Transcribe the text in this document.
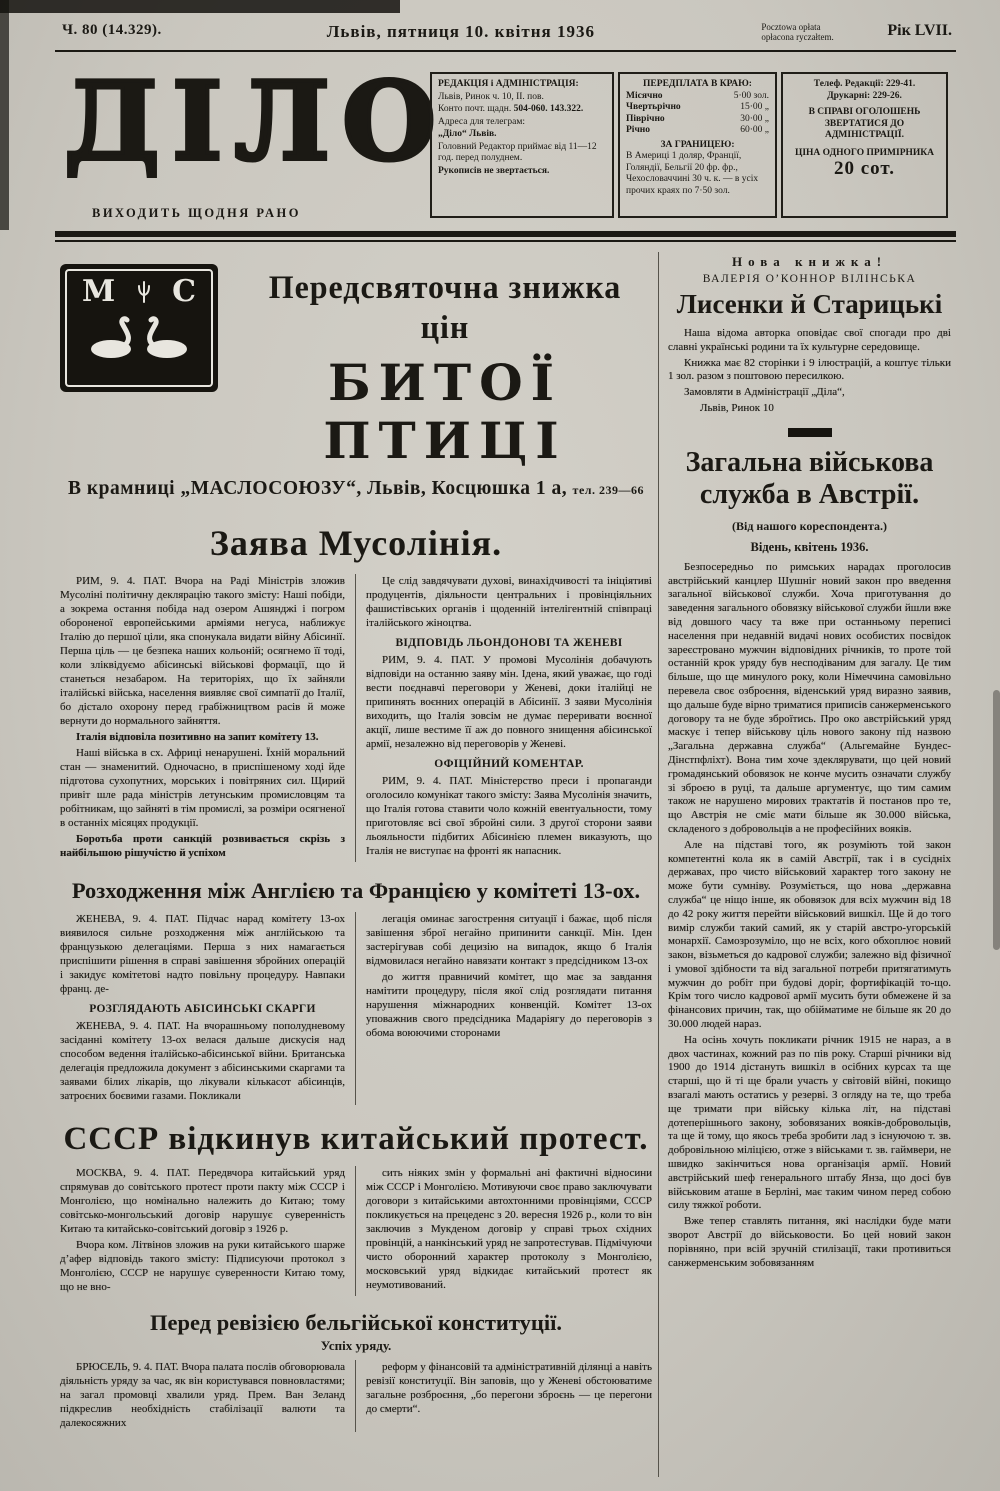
Ч. 80 (14.329).	Львів, пятниця 10. квітня 1936	Pocztowa opłata
opłacona ryczałtem.	Рік LVII.
ДІЛО
ВИХОДИТЬ ЩОДНЯ РАНО
РЕДАКЦІЯ і АДМІНІСТРАЦІЯ:
Львів, Ринок ч. 10, II. пов.
Конто почт. щадн. 504-060. 143.322.
Адреса для телеграм:
„Діло“ Львів.
Головний Редактор приймає від 11—12 год. перед полуднем.
Рукописів не звертається.
ПЕРЕДПЛАТА В КРАЮ:
Місячно	5·00 зол.
Чвертьрічно	15·00 „
Піврічно	30·00 „
Річно	60·00 „
ЗА ГРАНИЦЕЮ:
В Америці 1 доляр, Франції, Голяндії, Бельгії 20 фр. фр., Чехословаччині 30 ч. к. — в усіх прочих краях по 7·50 зол.
Телеф. Редакції: 229-41.
Друкарні: 229-26.
В СПРАВІ ОГОЛОШЕНЬ ЗВЕРТАТИСЯ ДО АДМІНІСТРАЦІЇ.
ЦІНА ОДНОГО ПРИМІРНИКА
20 сот.
М С	Передсвяточна знижка цін
БИТОЇ ПТИЦІ
В крамниці „МАСЛОСОЮЗУ“, Львів, Косцюшка 1 а, тел. 239—66
Заява Мусолінія.

РИМ, 9. 4. ПАТ. Вчора на Раді Міністрів зложив Мусоліні політичну деклярацію такого змісту: Наші побіди, а зокрема остання побіда над озером Ашянджі і погром обороненої европейськими арміями негуса, наближує Італію до першої ціли, яка спонукала видати війну Абісинії. Перша ціль — це безпека наших кольоній; осягнемо її тоді, коли зліквідуємо абісинські військові формації, що й станеться незабаром. На територіях, що їх зайняли італійські війська, населення виявляє свої симпатії до Італії, бо дістало охорону перед грабіжництвом расів й може вернути до нормального зайняття.

Італія відповіла позитивно на запит комітету 13.

Наші війська в сх. Африці ненарушені. Їхній моральний стан — знаменитий. Одночасно, в приспішеному ході йде підготова сухопутних, морських і повітряних сил. Щирий привіт шле рада міністрів летунським промисловцям та робітникам, що зайняті в тім промислі, за розміри осягненої в останніх місяцях продукції.

Боротьба проти санкцій розвивається скрізь з найбільшою рішучістю й успіхом

Це слід завдячувати духові, винахідчивості та ініціятиві продуцентів, діяльности центральних і провінціяльних фашистівських органів і щоденній інтелігентній співпраці італійського жіноцтва.

ВІДПОВІДЬ ЛЬОНДОНОВІ ТА ЖЕНЕВІ

РИМ, 9. 4. ПАТ. У промові Мусолінія добачують відповіди на останню заяву мін. Ідена, який уважає, що годі вести поєднавчі переговори у Женеві, доки італійці не припинять воєнних операцій в Абісинії. З заяви Мусолінія виходить, що Італія зовсім не думає переривати воєнної акції, лише вестиме її аж до повного знищення абісинської армії, незалежно від переговорів у Женеві.

ОФІЦІЙНИЙ КОМЕНТАР.

РИМ, 9. 4. ПАТ. Міністерство преси і пропаганди оголосило комунікат такого змісту: Заява Мусолінія значить, що Італія готова ставити чоло кожній евентуальности, тому приготовляє всі свої збройні сили. З другої сторони заяви льояльности підбитих Абісинією племен виказують, що Італія не виступає на фронті як напасник.

Розходження між Англією та Францією у комітеті 13-ох.

ЖЕНЕВА, 9. 4. ПАТ. Підчас нарад комітету 13-ох виявилося сильне розходження між англійською та французькою делегаціями. Перша з них намагається приспішити рішення в справі завішення збройних операцій і закидує комітетові надто повільну процедуру. Навпаки франц. де-

РОЗГЛЯДАЮТЬ АБІСИНСЬКІ СКАРГИ

ЖЕНЕВА, 9. 4. ПАТ. На вчорашньому пополудневому засіданні комітету 13-ох велася дальше дискусія над способом ведення італійсько-абісинської війни. Британська делегація предложила документ з абісинськими скаргами та заявами білих лікарів, що лікували кількасот абісинців, затроєних боєвими газами. Покликали

легація оминає загострення ситуації і бажає, щоб після завішення зброї негайно припинити санкції. Мін. Іден застерігував собі децизію на випадок, якщо б Італія відмовилася негайно навязати контакт з предсідником 13-ох

до життя правничий комітет, що має за завдання намітити процедуру, після якої слід розглядати питання нарушення міжнародних конвенцій. Комітет 13-ох уповажнив свого предсідника Мадаріягу до переговорів з обома воюючими сторонами

СССР відкинув китайський протест.

МОСКВА, 9. 4. ПАТ. Передвчора китайський уряд спрямував до совітського протест проти пакту між СССР і Монголією, що номінально належить до Китаю; тому совітсько-монгольський договір нарушує суверенність Китаю та китайсько-совітський договір з 1926 р.

Вчора ком. Літвінов зложив на руки китайського шарже д’афер відповідь такого змісту: Підписуючи протокол з Монголією, СССР не нарушує суверенности Китаю тому, що не вно-

сить ніяких змін у формальні ані фактичні відносини між СССР і Монголією. Мотивуючи своє право заключувати договори з китайськими автохтонними провінціями, СССР покликується на прецеденс з 20. вересня 1926 р., коли то він заключив з Мукденом договір у справі трьох східних провінцій, а нанкінський уряд не запротестував. Підмічуючи чисто оборонний характер протоколу з Монголією, московський уряд відкидає китайський протест як неумотивований.

Перед ревізією бельгійської конституції.
Успіх уряду.

БРЮСЕЛЬ, 9. 4. ПАТ. Вчора палата послів обговорювала діяльність уряду за час, як він користувався повновластями; на загал промовці хвалили уряд. Прем. Ван Зеланд підкреслив необхідність стабілізації валюти та далекосяжних

реформ у фінансовій та адміністративній ділянці а навіть ревізії конституції. Він заповів, що у Женеві обстоюватиме загальне розброєння, „бо перегони зброєнь — це перегони до смерти“.

Нова книжка!
ВАЛЕРІЯ О’КОННОР ВІЛІНСЬКА
Лисенки й Старицькі

Наша відома авторка оповідає свої спогади про дві славні українські родини та їх культурне середовище.

Книжка має 82 сторінки і 9 ілюстрацій, а коштує тільки 1 зол. разом з поштовою пересилкою.

Замовляти в Адміністрації „Діла“,

Львів, Ринок 10

Загальна військова служба в Австрії.
(Від нашого кореспондента.)
Відень, квітень 1936.

Безпосередньо по римських нарадах проголосив австрійський канцлер Шушніг новий закон про введення загальної військової служби. Хоча приготування до заведення загального обовязку військової служби йшли вже від довшого часу та вже при останньому переписі населення при недавній видачі нових особистих посвідок зареєстровано мужчин відповідних річників, то проте той останній крок уряду був несподіваним для загалу. Це тим більше, що ще минулого року, коли Німеччина самовільно перевела своє озброєння, віденський уряд виразно заявив, що дальше буде вірно триматися приписів санжерменського договору та не буде зброїтись. Про око австрійський уряд маскує і тепер військову ціль нового закону під назвою „Загальна державна служба“ (Альгемайне Бундес-Дінстпфліхт). Вона тим хоче здеклярувати, що цей новий громадянський обовязок не конче мусить означати службу зі зброєю в руці, та дальше аргументує, що тим самим також не нарушено мирових трактатів й постанов про те, що Австрія не сміє мати більше як 30.000 війська, складеного з добровольців а не професійних вояків.

Але на підставі того, як розуміють той закон компетентні кола як в самій Австрії, так і в сусідніх державах, про чисто військовий характер того закону не може бути сумніву. Розуміється, що нова „державна служба“ це ніщо інше, як обовязок для всіх мужчин від 18 до 42 року життя перейти військовий вишкіл. Ще й до того вимір служби такий самий, як у старій австро-угорській монархії. Самозрозуміло, що не всіх, кого обхоплює новий закон, візьметься до кадрової служби; залежно від фізичної і умової здібности та від загальної потреби притягатимуть мужчин до робіт при будові доріг, фортифікацій то-що. Крім того число кадрової армії мусить бути обмежене й за фінансових причин, так, що обійматиме не більше як 20 до 30.000 людей нараз.

На осінь хочуть покликати річник 1915 не нараз, а в двох частинах, кожний раз по пів року. Старші річники від 1900 до 1914 дістануть вишкіл в осібних курсах та ще старші, що й ті ще брали участь у світовій війні, покищо взагалі мають остатись у резерві. З огляду на те, що треба ще тримати при війську кілька літ, на підставі дотеперішнього закону, зобовязаних вояків-добровольців, та ще й тому, що якось треба зробити лад з існуючою т. зв. добровільною міліцією, отже з військами т. зв. гаймвери, не швидко закінчиться нова організація армії. Новий австрійський шеф генерального штабу Янза, що досі був військовим аташе в Берліні, має таким чином перед собою силу тяжкої роботи.

Вже тепер ставлять питання, які наслідки буде мати зворот Австрії до військовости. Бо цей новий закон порівняно, при всій зручній стилізації, таки противиться санжерменським зобовязанням
